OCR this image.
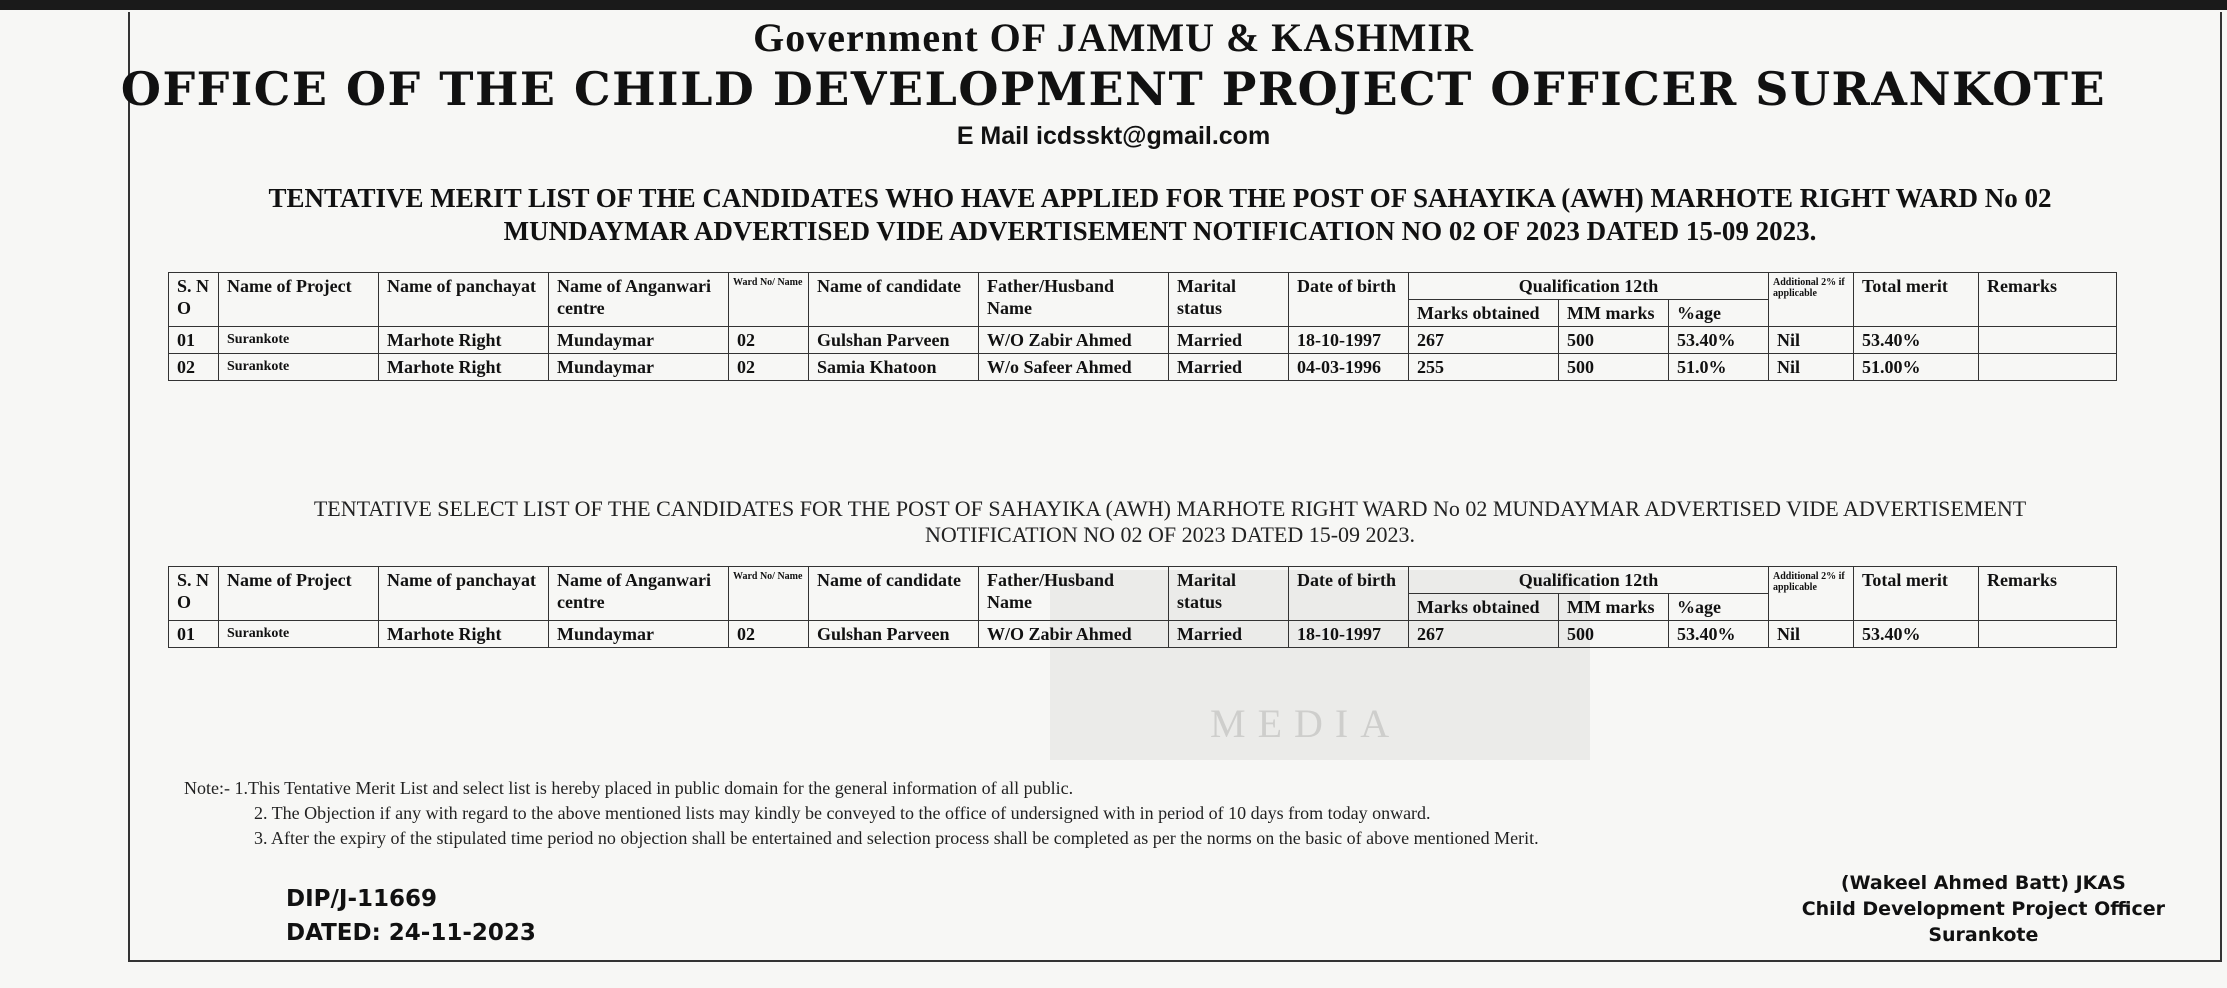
MEDIA
Government OF JAMMU & KASHMIR
OFFICE OF THE CHILD DEVELOPMENT PROJECT OFFICER SURANKOTE
E Mail icdsskt@gmail.com
TENTATIVE MERIT LIST OF THE CANDIDATES WHO HAVE APPLIED FOR THE POST OF SAHAYIKA (AWH) MARHOTE RIGHT WARD No 02 MUNDAYMAR ADVERTISED VIDE ADVERTISEMENT NOTIFICATION NO 02 OF 2023 DATED 15-09 2023.
S. N O	Name of Project	Name of panchayat	Name of Anganwari centre	Ward No/ Name	Name of candidate	Father/Husband Name	Marital status	Date of birth	Qualification 12th			Additional 2% if applicable	Total merit	Remarks
									Marks obtained	MM marks	%age			
01	Surankote	Marhote Right	Mundaymar	02	Gulshan Parveen	W/O Zabir Ahmed	Married	18-10-1997	267	500	53.40%	Nil	53.40%	
02	Surankote	Marhote Right	Mundaymar	02	Samia Khatoon	W/o Safeer Ahmed	Married	04-03-1996	255	500	51.0%	Nil	51.00%	
TENTATIVE SELECT LIST OF THE CANDIDATES FOR THE POST OF SAHAYIKA (AWH) MARHOTE RIGHT WARD No 02 MUNDAYMAR ADVERTISED VIDE ADVERTISEMENT NOTIFICATION NO 02 OF 2023 DATED 15-09 2023.
S. N O	Name of Project	Name of panchayat	Name of Anganwari centre	Ward No/ Name	Name of candidate	Father/Husband Name	Marital status	Date of birth	Qualification 12th			Additional 2% if applicable	Total merit	Remarks
									Marks obtained	MM marks	%age			
01	Surankote	Marhote Right	Mundaymar	02	Gulshan Parveen	W/O Zabir Ahmed	Married	18-10-1997	267	500	53.40%	Nil	53.40%	
Note:- 1.This Tentative Merit List and select list is hereby placed in public domain for the general information of all public.
2. The Objection if any with regard to the above mentioned lists may kindly be conveyed to the office of undersigned with in period of 10 days from today onward.
3. After the expiry of the stipulated time period no objection shall be entertained and selection process shall be completed as per the norms on the basic of above mentioned Merit.
DIP/J-11669
DATED: 24-11-2023
(Wakeel Ahmed Batt) JKAS
Child Development Project Officer
Surankote
